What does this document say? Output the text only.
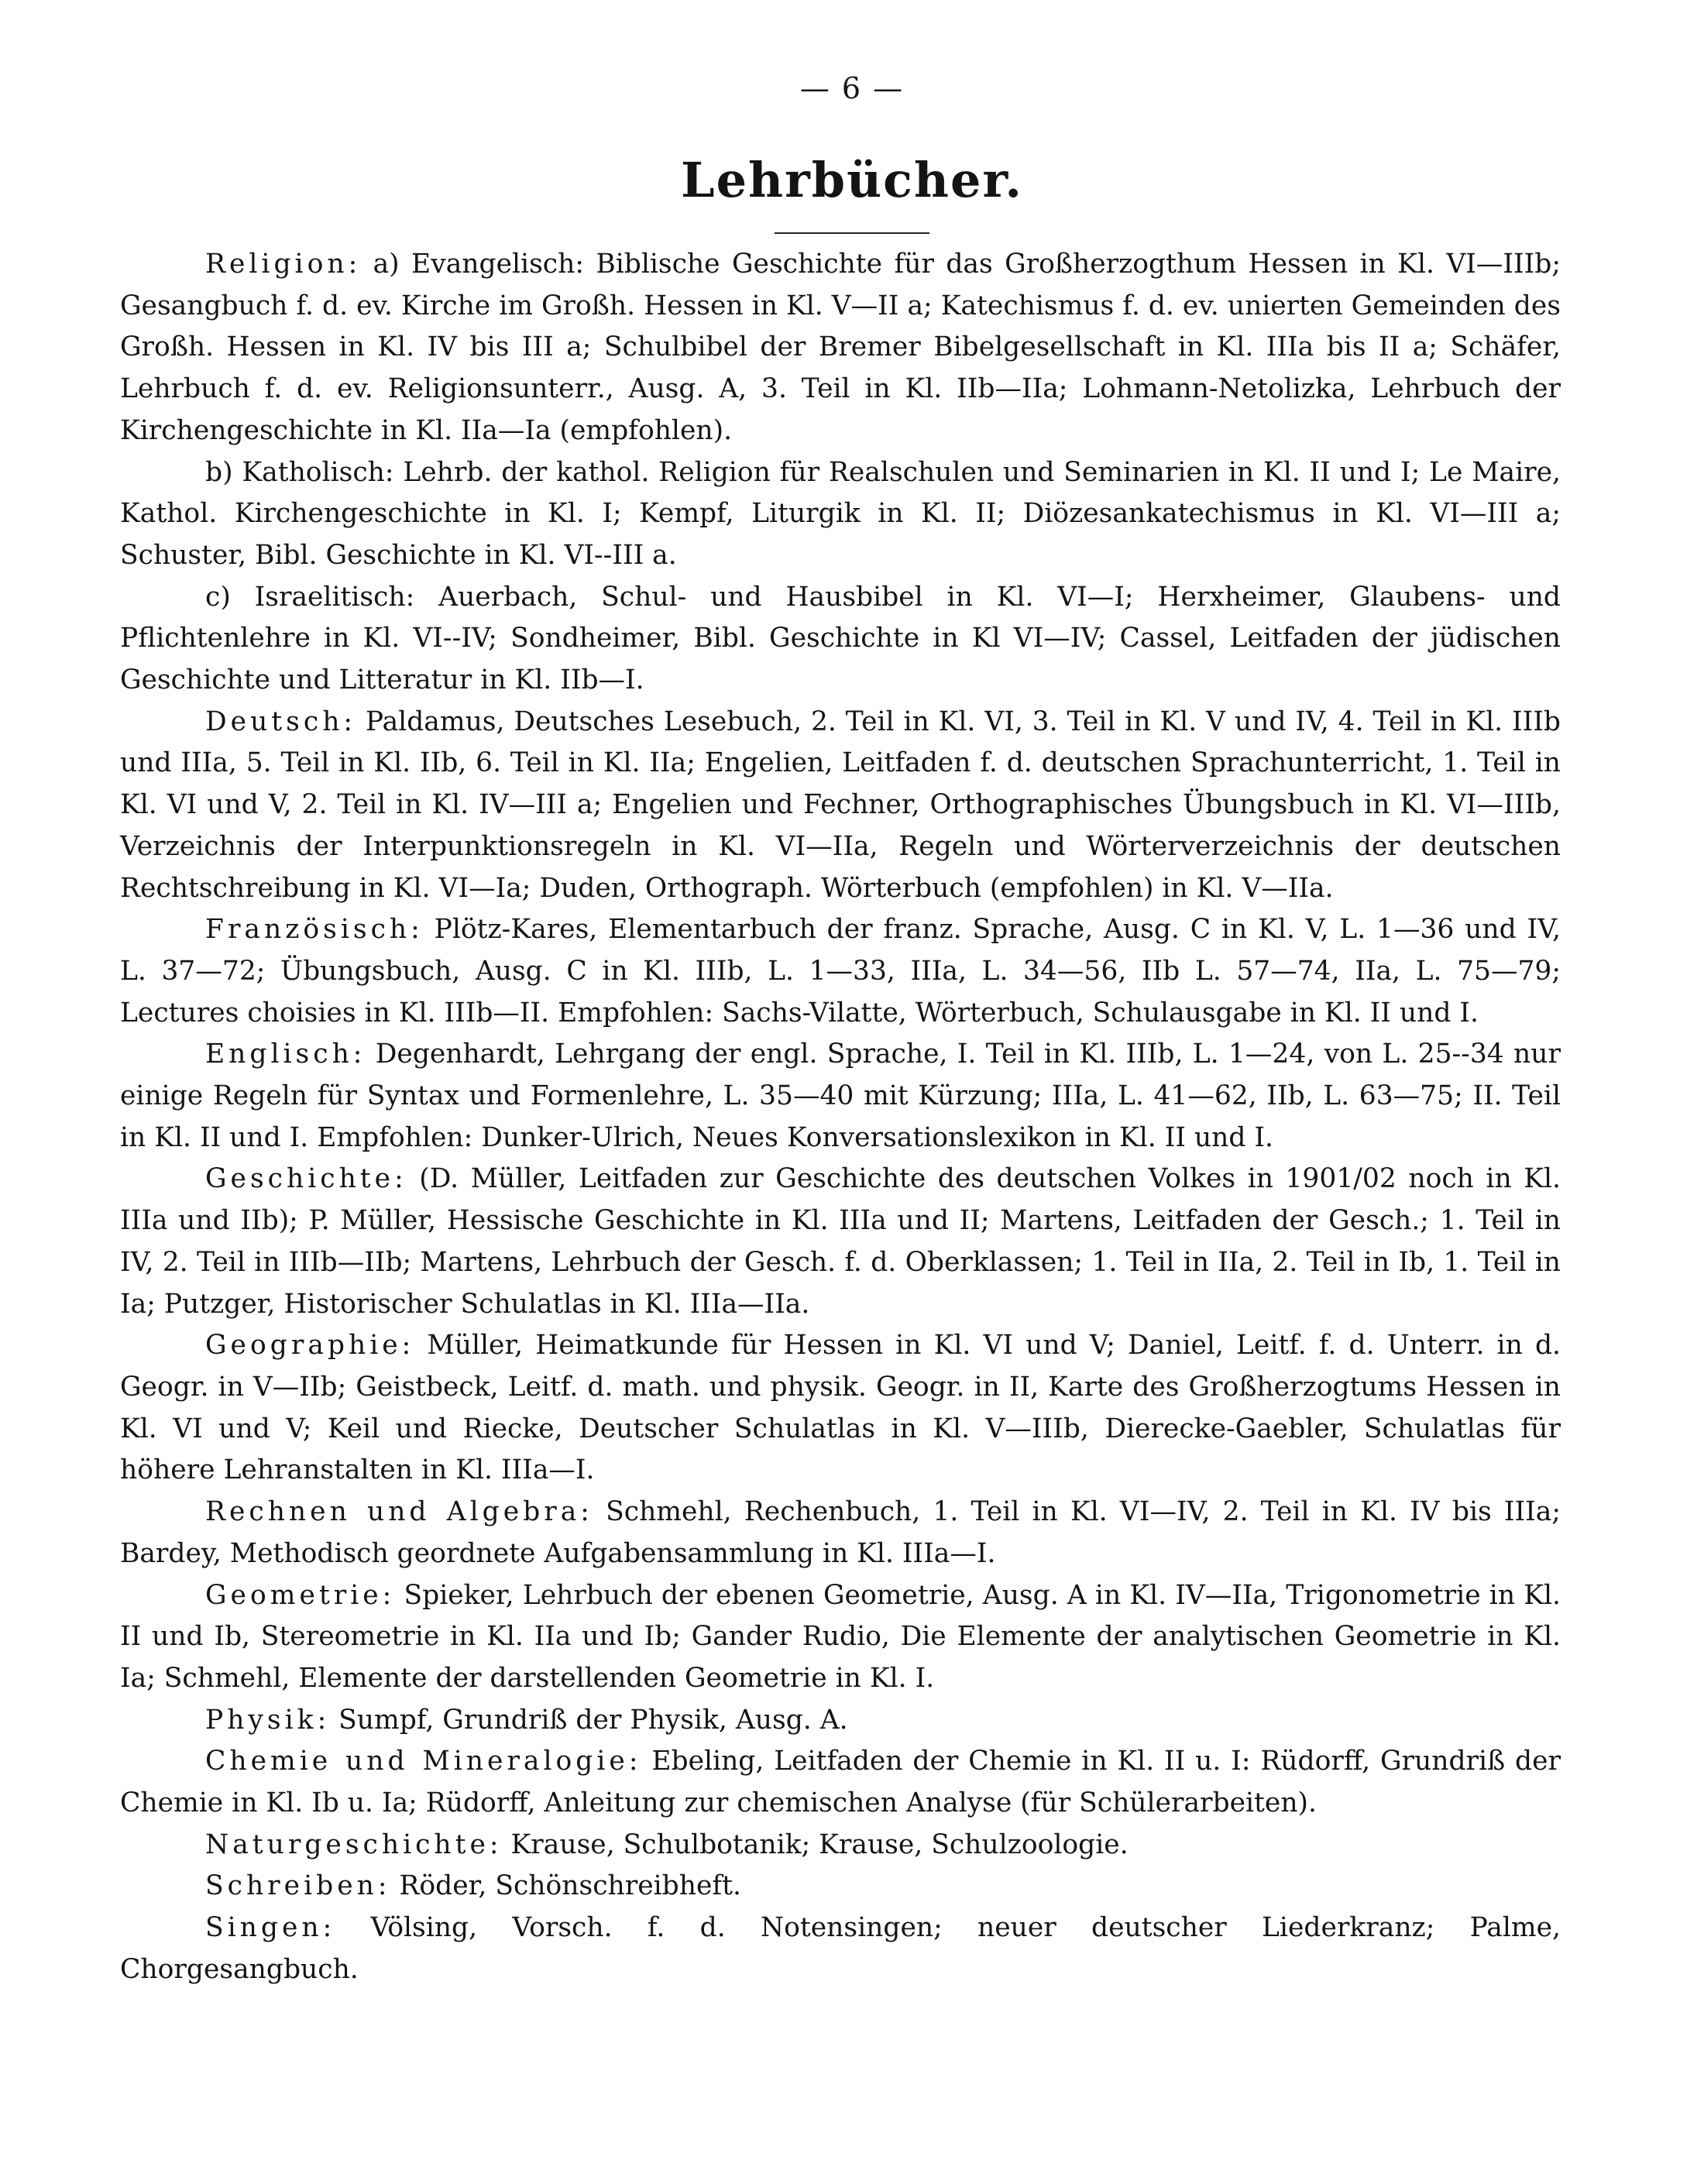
— 6 —
Lehrbücher.

Religion: a) Evangelisch: Biblische Geschichte für das Großherzogthum Hessen in Kl. VI—IIIb; Gesangbuch f. d. ev. Kirche im Großh. Hessen in Kl. V—II a; Katechismus f. d. ev. unierten Gemeinden des Großh. Hessen in Kl. IV bis III a; Schulbibel der Bremer Bibelgesellschaft in Kl. IIIa bis II a; Schäfer, Lehrbuch f. d. ev. Religionsunterr., Ausg. A, 3. Teil in Kl. IIb—IIa; Lohmann-Netolizka, Lehrbuch der Kirchengeschichte in Kl. IIa—Ia (empfohlen).

b) Katholisch: Lehrb. der kathol. Religion für Realschulen und Seminarien in Kl. II und I; Le Maire, Kathol. Kirchengeschichte in Kl. I; Kempf, Liturgik in Kl. II; Diözesankatechismus in Kl. VI—III a; Schuster, Bibl. Geschichte in Kl. VI--III a.

c) Israelitisch: Auerbach, Schul- und Hausbibel in Kl. VI—I; Herxheimer, Glaubens- und Pflichtenlehre in Kl. VI--IV; Sondheimer, Bibl. Geschichte in Kl VI—IV; Cassel, Leitfaden der jüdischen Geschichte und Litteratur in Kl. IIb—I.

Deutsch: Paldamus, Deutsches Lesebuch, 2. Teil in Kl. VI, 3. Teil in Kl. V und IV, 4. Teil in Kl. IIIb und IIIa, 5. Teil in Kl. IIb, 6. Teil in Kl. IIa; Engelien, Leitfaden f. d. deutschen Sprachunterricht, 1. Teil in Kl. VI und V, 2. Teil in Kl. IV—III a; Engelien und Fechner, Orthographisches Übungsbuch in Kl. VI—IIIb, Verzeichnis der Interpunktionsregeln in Kl. VI—IIa, Regeln und Wörterverzeichnis der deutschen Rechtschreibung in Kl. VI—Ia; Duden, Orthograph. Wörterbuch (empfohlen) in Kl. V—IIa.

Französisch: Plötz-Kares, Elementarbuch der franz. Sprache, Ausg. C in Kl. V, L. 1—36 und IV, L. 37—72; Übungsbuch, Ausg. C in Kl. IIIb, L. 1—33, IIIa, L. 34—56, IIb L. 57—74, IIa, L. 75—79; Lectures choisies in Kl. IIIb—II. Empfohlen: Sachs-Vilatte, Wörterbuch, Schulausgabe in Kl. II und I.

Englisch: Degenhardt, Lehrgang der engl. Sprache, I. Teil in Kl. IIIb, L. 1—24, von L. 25--34 nur einige Regeln für Syntax und Formenlehre, L. 35—40 mit Kürzung; IIIa, L. 41—62, IIb, L. 63—75; II. Teil in Kl. II und I. Empfohlen: Dunker-Ulrich, Neues Konversationslexikon in Kl. II und I.

Geschichte: (D. Müller, Leitfaden zur Geschichte des deutschen Volkes in 1901/02 noch in Kl. IIIa und IIb); P. Müller, Hessische Geschichte in Kl. IIIa und II; Martens, Leitfaden der Gesch.; 1. Teil in IV, 2. Teil in IIIb—IIb; Martens, Lehrbuch der Gesch. f. d. Oberklassen; 1. Teil in IIa, 2. Teil in Ib, 1. Teil in Ia; Putzger, Historischer Schulatlas in Kl. IIIa—IIa.

Geographie: Müller, Heimatkunde für Hessen in Kl. VI und V; Daniel, Leitf. f. d. Unterr. in d. Geogr. in V—IIb; Geistbeck, Leitf. d. math. und physik. Geogr. in II, Karte des Großherzogtums Hessen in Kl. VI und V; Keil und Riecke, Deutscher Schulatlas in Kl. V—IIIb, Dierecke-Gaebler, Schulatlas für höhere Lehranstalten in Kl. IIIa—I.

Rechnen und Algebra: Schmehl, Rechenbuch, 1. Teil in Kl. VI—IV, 2. Teil in Kl. IV bis IIIa; Bardey, Methodisch geordnete Aufgabensammlung in Kl. IIIa—I.

Geometrie: Spieker, Lehrbuch der ebenen Geometrie, Ausg. A in Kl. IV—IIa, Trigonometrie in Kl. II und Ib, Stereometrie in Kl. IIa und Ib; Gander Rudio, Die Elemente der analytischen Geometrie in Kl. Ia; Schmehl, Elemente der darstellenden Geometrie in Kl. I.

Physik: Sumpf, Grundriß der Physik, Ausg. A.

Chemie und Mineralogie: Ebeling, Leitfaden der Chemie in Kl. II u. I: Rüdorff, Grundriß der Chemie in Kl. Ib u. Ia; Rüdorff, Anleitung zur chemischen Analyse (für Schülerarbeiten).

Naturgeschichte: Krause, Schulbotanik; Krause, Schulzoologie.

Schreiben: Röder, Schönschreibheft.

Singen: Völsing, Vorsch. f. d. Notensingen; neuer deutscher Liederkranz; Palme, Chorgesangbuch.
